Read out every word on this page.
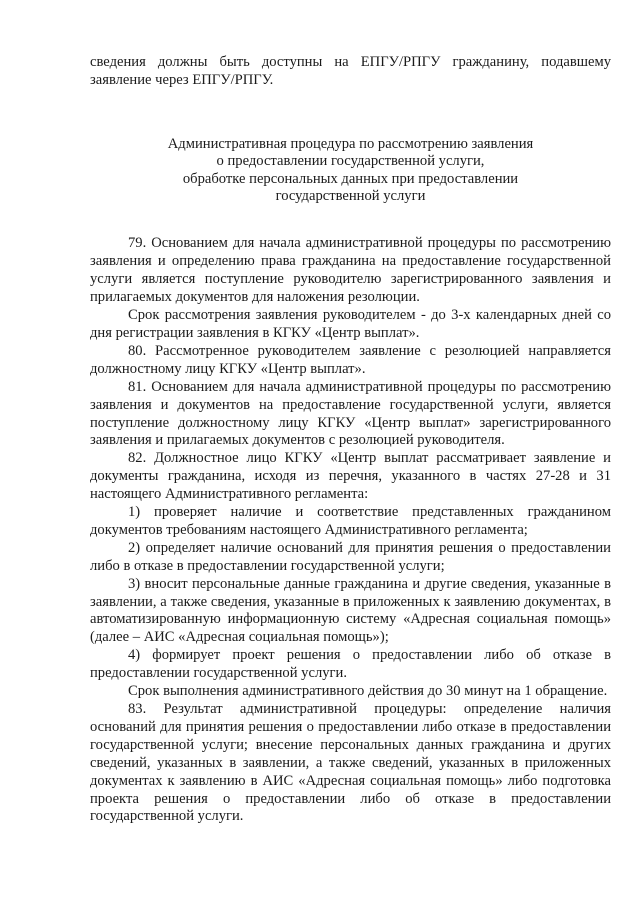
сведения должны быть доступны на ЕПГУ/РПГУ гражданину, подавшему заявление через ЕПГУ/РПГУ.

Административная процедура по рассмотрению заявления
о предоставлении государственной услуги,
обработке персональных данных при предоставлении
государственной услуги

79. Основанием для начала административной процедуры по рассмотрению заявления и определению права гражданина на предоставление государственной услуги является поступление руководителю зарегистрированного заявления и прилагаемых документов для наложения резолюции.

Срок рассмотрения заявления руководителем - до 3-х календарных дней со дня регистрации заявления в КГКУ «Центр выплат».

80. Рассмотренное руководителем заявление с резолюцией направляется должностному лицу КГКУ «Центр выплат».

81. Основанием для начала административной процедуры по рассмотрению заявления и документов на предоставление государственной услуги, является поступление должностному лицу КГКУ «Центр выплат» зарегистрированного заявления и прилагаемых документов с резолюцией руководителя.

82. Должностное лицо КГКУ «Центр выплат рассматривает заявление и документы гражданина, исходя из перечня, указанного в частях 27-28 и 31 настоящего Административного регламента:

1) проверяет наличие и соответствие представленных гражданином документов требованиям настоящего Административного регламента;

2) определяет наличие оснований для принятия решения о предоставлении либо в отказе в предоставлении государственной услуги;

3) вносит персональные данные гражданина и другие сведения, указанные в заявлении, а также сведения, указанные в приложенных к заявлению документах, в автоматизированную информационную систему «Адресная социальная помощь» (далее – АИС «Адресная социальная помощь»);

4) формирует проект решения о предоставлении либо об отказе в предоставлении государственной услуги.

Срок выполнения административного действия до 30 минут на 1 обращение.

83. Результат административной процедуры: определение наличия оснований для принятия решения о предоставлении либо отказе в предоставлении государственной услуги; внесение персональных данных гражданина и других сведений, указанных в заявлении, а также сведений, указанных в приложенных документах к заявлению в АИС «Адресная социальная помощь» либо подготовка проекта решения о предоставлении либо об отказе в предоставлении государственной услуги.
